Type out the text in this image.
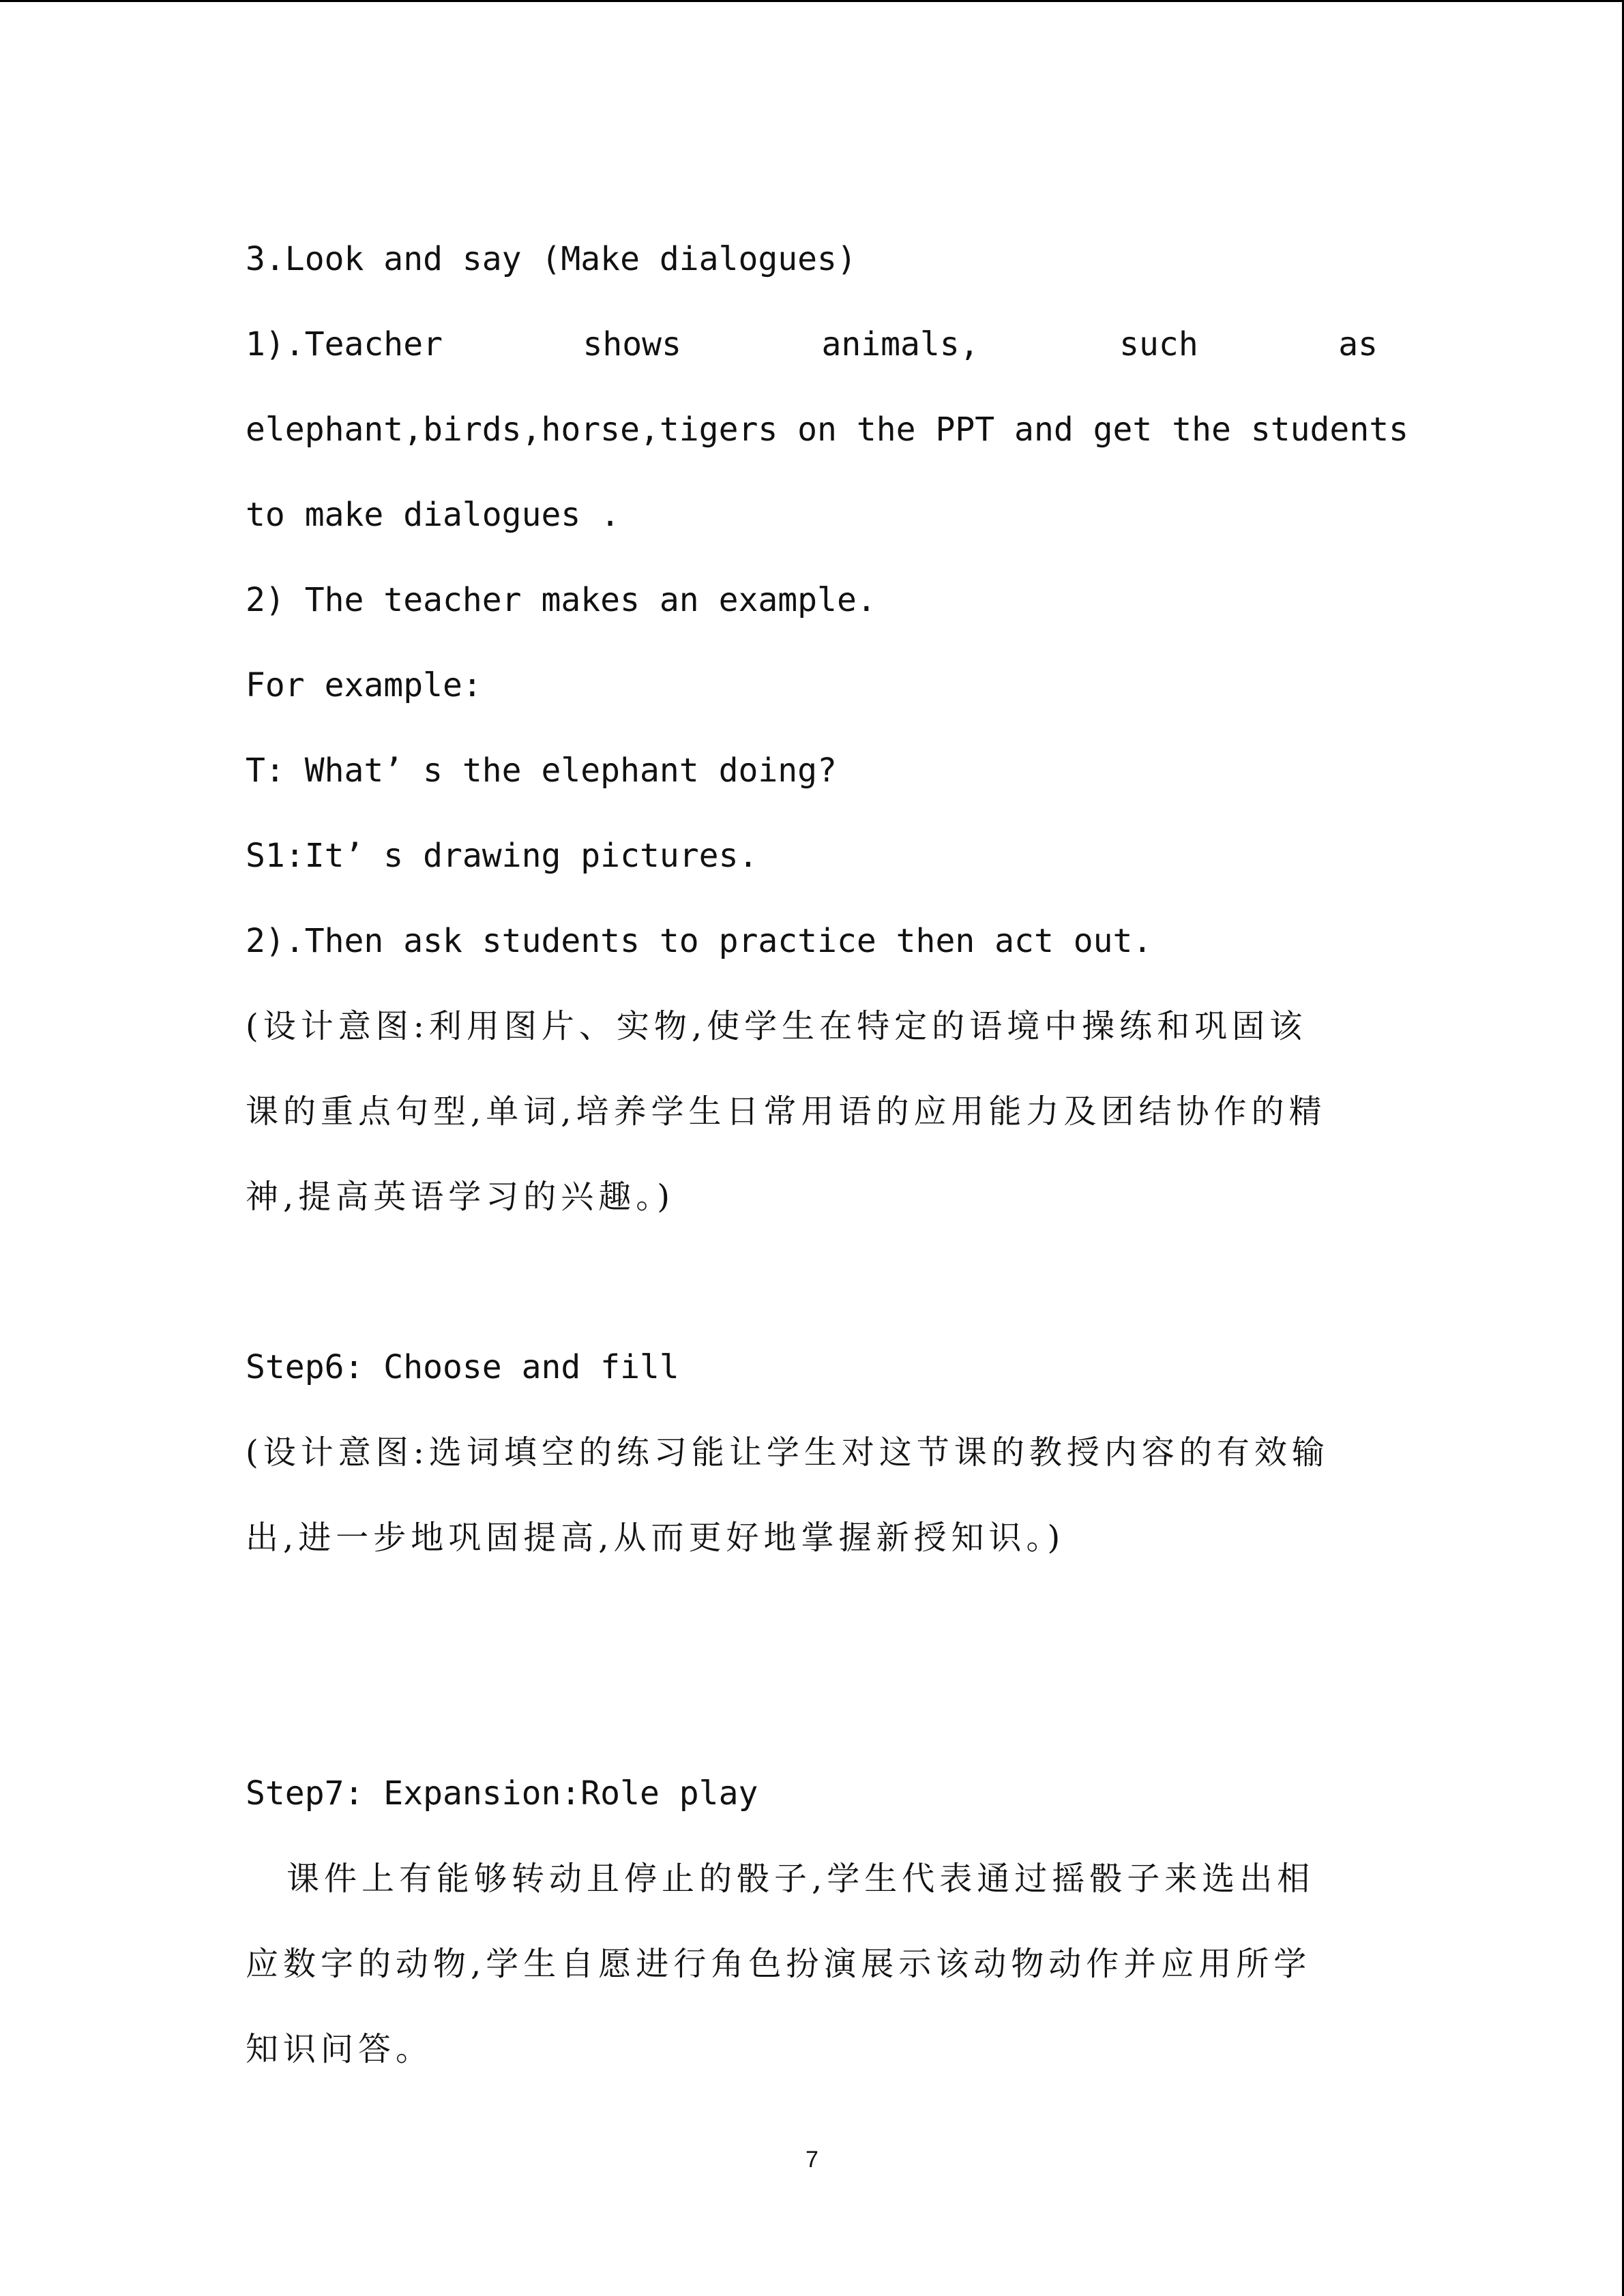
3.Look and say (Make dialogues)
1).Teacher	shows	animals,	such	as
elephant,birds,horse,tigers on the PPT and get the students
to make dialogues .
2) The teacher makes an example.
For example:
T: What’ s the elephant doing?
S1:It’ s drawing pictures.
2).Then ask students to practice then act out.
(设计意图:利用图片、实物,使学生在特定的语境中操练和巩固该
课的重点句型,单词,培养学生日常用语的应用能力及团结协作的精
神,提高英语学习的兴趣。)
Step6: Choose and fill
(设计意图:选词填空的练习能让学生对这节课的教授内容的有效输
出,进一步地巩固提高,从而更好地掌握新授知识。)
Step7: Expansion:Role play
课件上有能够转动且停止的骰子,学生代表通过摇骰子来选出相
应数字的动物,学生自愿进行角色扮演展示该动物动作并应用所学
知识问答。
7
